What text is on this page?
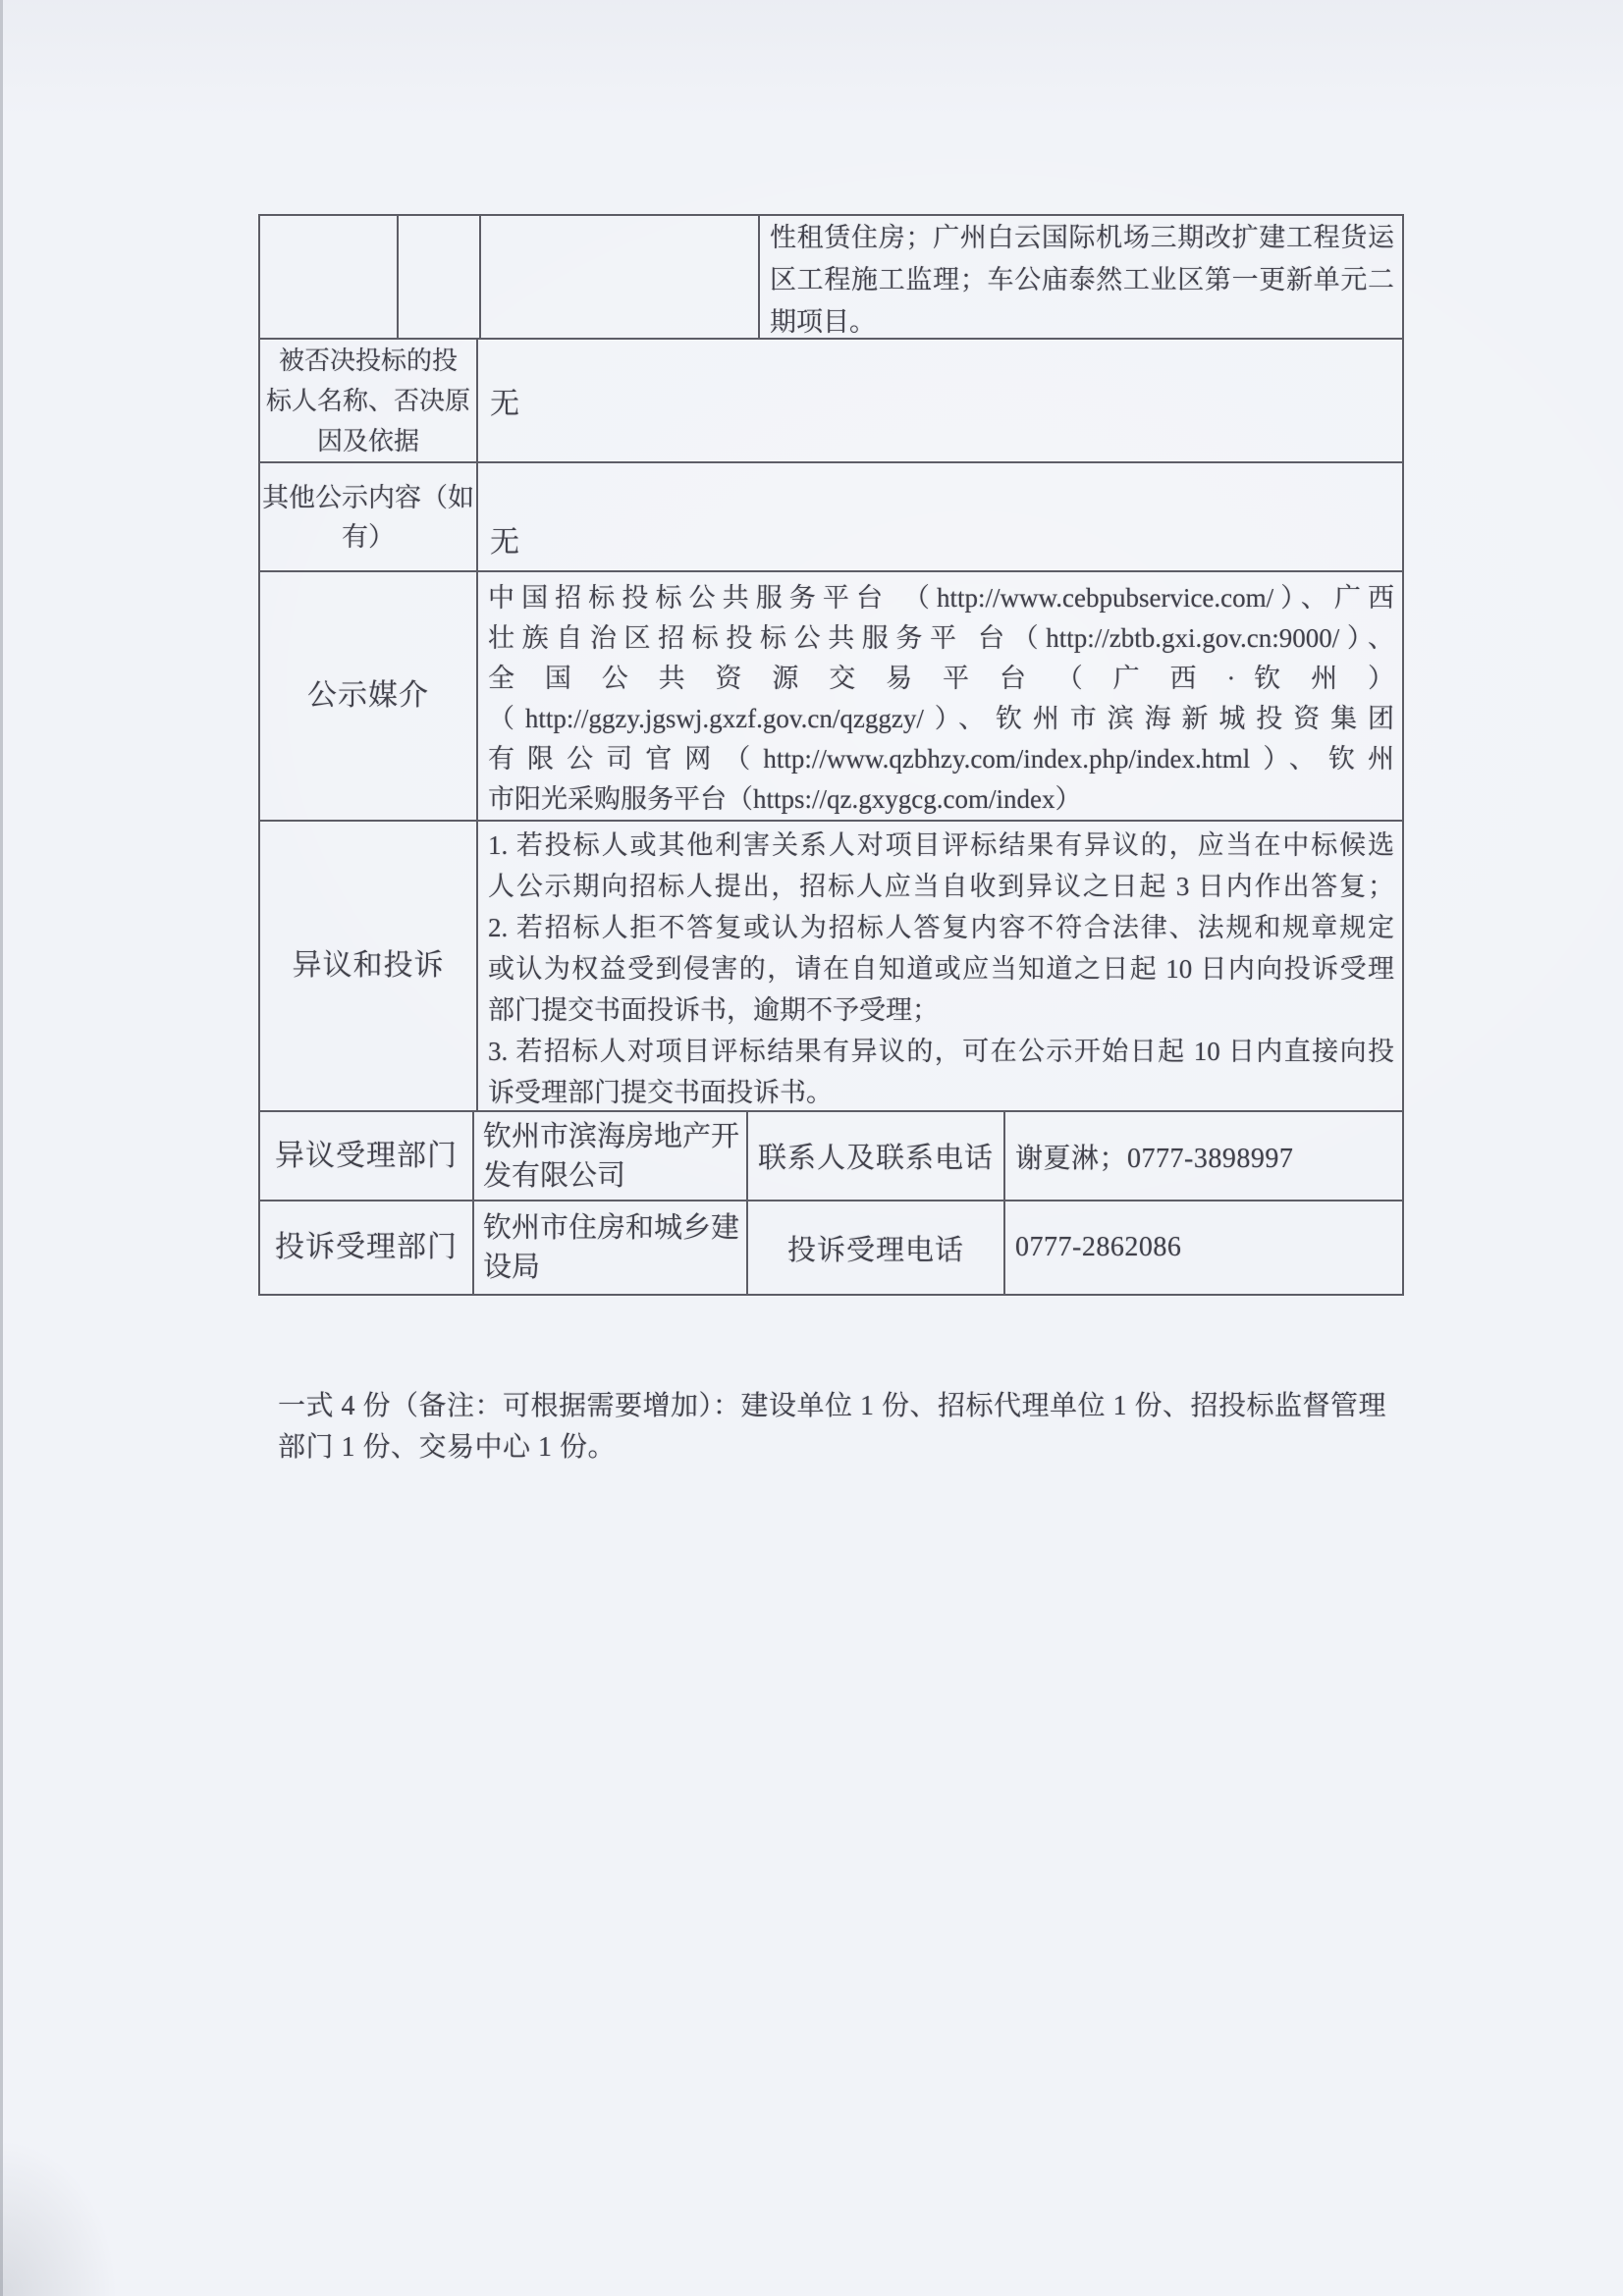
性租赁住房；广州白云国际机场三期改扩建工程货运
区工程施工监理；车公庙泰然工业区第一更新单元二
期项目。
被否决投标的投
标人名称、否决原
因及依据
无
其他公示内容（如
有）	无
公示媒介
中国招标投标公共服务平台 （http://www.cebpubservice.com/）、广西
壮族自治区招标投标公共服务平 台（http://zbtb.gxi.gov.cn:9000/）、
全 国 公 共 资 源 交 易 平 台 （ 广 西 · 钦 州 ）
（http://ggzy.jgswj.gxzf.gov.cn/qzggzy/）、钦州市滨海新城投资集团
有限公司官网（http://www.qzbhzy.com/index.php/index.html）、钦州
市阳光采购服务平台（https://qz.gxygcg.com/index）
异议和投诉
1. 若投标人或其他利害关系人对项目评标结果有异议的，应当在中标候选
人公示期向招标人提出，招标人应当自收到异议之日起 3 日内作出答复；
2. 若招标人拒不答复或认为招标人答复内容不符合法律、法规和规章规定
或认为权益受到侵害的，请在自知道或应当知道之日起 10 日内向投诉受理
部门提交书面投诉书，逾期不予受理；
3. 若招标人对项目评标结果有异议的，可在公示开始日起 10 日内直接向投
诉受理部门提交书面投诉书。
异议受理部门
钦州市滨海房地产开
发有限公司
联系人及联系电话 谢夏淋；0777-3898997
投诉受理部门
钦州市住房和城乡建
设局
投诉受理电话	0777-2862086
一式 4 份（备注：可根据需要增加）：建设单位 1 份、招标代理单位 1 份、招投标监督管理
部门 1 份、交易中心 1 份。
